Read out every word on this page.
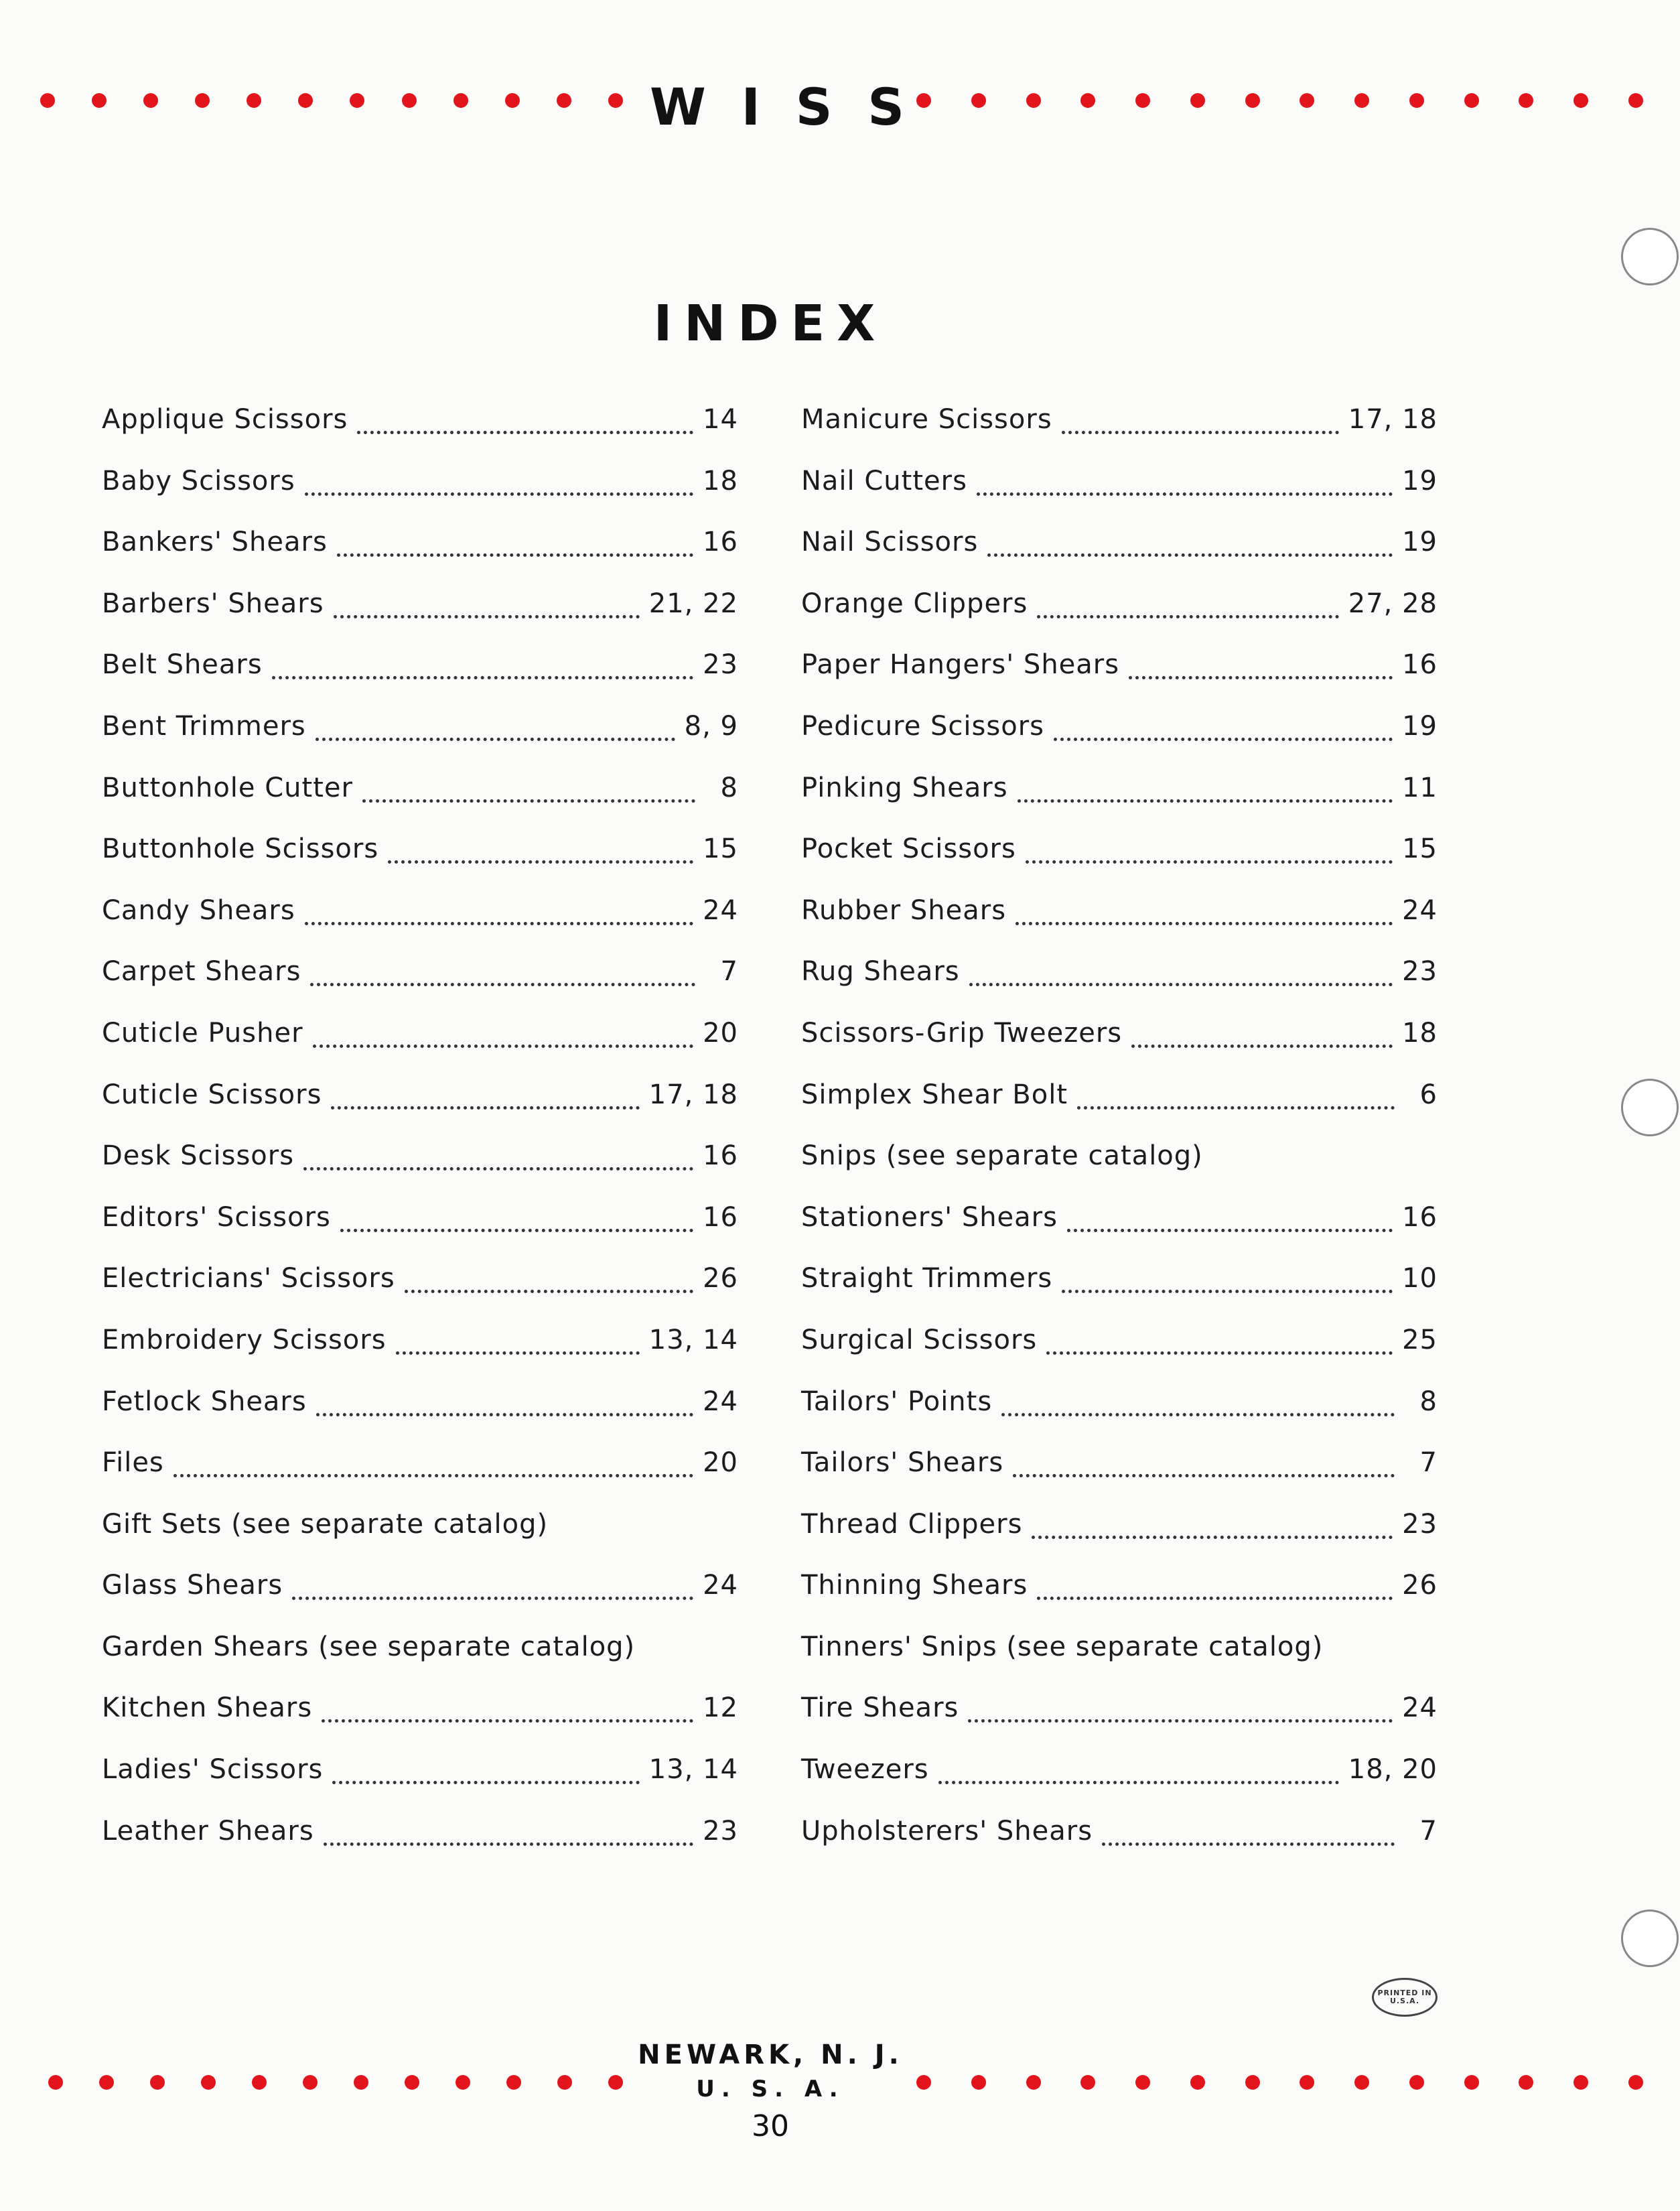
W I S S
INDEX
Applique Scissors	14
Baby Scissors	18
Bankers' Shears	16
Barbers' Shears	21, 22
Belt Shears	23
Bent Trimmers	8, 9
Buttonhole Cutter	8
Buttonhole Scissors	15
Candy Shears	24
Carpet Shears	7
Cuticle Pusher	20
Cuticle Scissors	17, 18
Desk Scissors	16
Editors' Scissors	16
Electricians' Scissors	26
Embroidery Scissors	13, 14
Fetlock Shears	24
Files	20
Gift Sets (see separate catalog)
Glass Shears	24
Garden Shears (see separate catalog)
Kitchen Shears	12
Ladies' Scissors	13, 14
Leather Shears	23
Manicure Scissors	17, 18
Nail Cutters	19
Nail Scissors	19
Orange Clippers	27, 28
Paper Hangers' Shears	16
Pedicure Scissors	19
Pinking Shears	11
Pocket Scissors	15
Rubber Shears	24
Rug Shears	23
Scissors-Grip Tweezers	18
Simplex Shear Bolt	6
Snips (see separate catalog)
Stationers' Shears	16
Straight Trimmers	10
Surgical Scissors	25
Tailors' Points	8
Tailors' Shears	7
Thread Clippers	23
Thinning Shears	26
Tinners' Snips (see separate catalog)
Tire Shears	24
Tweezers	18, 20
Upholsterers' Shears	7
PRINTED IN U.S.A.
NEWARK, N. J.
U. S. A.
30
